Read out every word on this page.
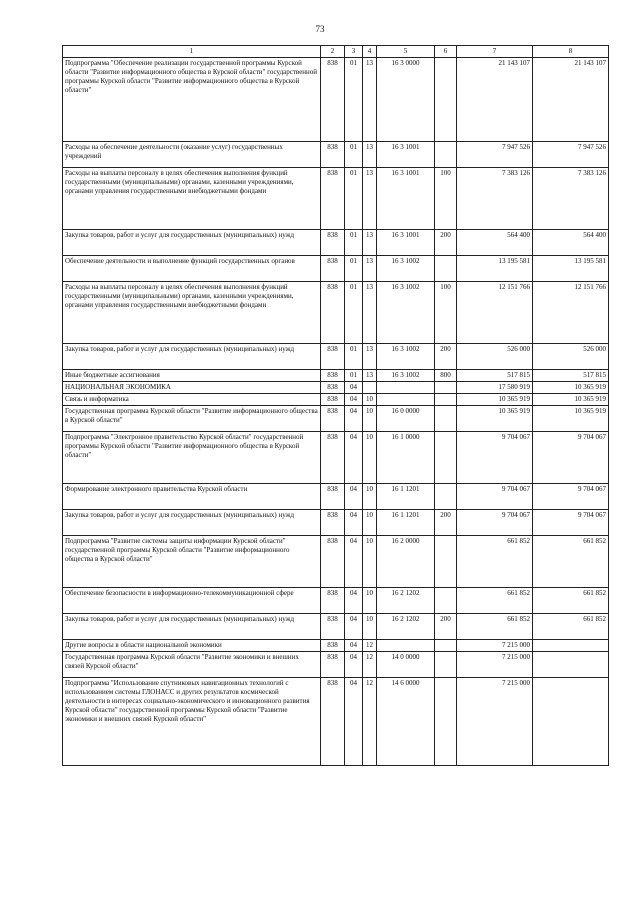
73
1	2	3	4	5	6	7	8
Подпрограмма "Обеспечение реализации государственной программы Курской области "Развитие информационного общества в Курской области" государственной программы Курской области "Развитие информационного общества в Курской области"	838	01	13	16 3 0000		21 143 107	21 143 107
Расходы на обеспечение деятельности (оказание услуг) государственных учреждений	838	01	13	16 3 1001		7 947 526	7 947 526
Расходы на выплаты персоналу в целях обеспечения выполнения функций государственными (муниципальными) органами, казенными учреждениями, органами управления государственными внебюджетными фондами	838	01	13	16 3 1001	100	7 383 126	7 383 126
Закупка товаров, работ и услуг для государственных (муниципальных) нужд	838	01	13	16 3 1001	200	564 400	564 400
Обеспечение деятельности и выполнение функций государственных органов	838	01	13	16 3 1002		13 195 581	13 195 581
Расходы на выплаты персоналу в целях обеспечения выполнения функций государственными (муниципальными) органами, казенными учреждениями, органами управления государственными внебюджетными фондами	838	01	13	16 3 1002	100	12 151 766	12 151 766
Закупка товаров, работ и услуг для государственных (муниципальных) нужд	838	01	13	16 3 1002	200	526 000	526 000
Иные бюджетные ассигнования	838	01	13	16 3 1002	800	517 815	517 815
НАЦИОНАЛЬНАЯ ЭКОНОМИКА	838	04				17 580 919	10 365 919
Связь и информатика	838	04	10			10 365 919	10 365 919
Государственная программа Курской области "Развитие информационного общества в Курской области"	838	04	10	16 0 0000		10 365 919	10 365 919
Подпрограмма "Электронное правительство Курской области" государственной программы Курской области "Развитие информационного общества в Курской области"	838	04	10	16 1 0000		9 704 067	9 704 067
Формирование электронного правительства Курской области	838	04	10	16 1 1201		9 704 067	9 704 067
Закупка товаров, работ и услуг для государственных (муниципальных) нужд	838	04	10	16 1 1201	200	9 704 067	9 704 067
Подпрограмма "Развитие системы защиты информации Курской области" государственной программы Курской области "Развитие информационного общества в Курской области"	838	04	10	16 2 0000		661 852	661 852
Обеспечение безопасности в информационно-телекоммуникационной сфере	838	04	10	16 2 1202		661 852	661 852
Закупка товаров, работ и услуг для государственных (муниципальных) нужд	838	04	10	16 2 1202	200	661 852	661 852
Другие вопросы в области национальной экономики	838	04	12			7 215 000	
Государственная программа Курской области "Развитие экономики и внешних связей Курской области"	838	04	12	14 0 0000		7 215 000	
Подпрограмма "Использование спутниковых навигационных технологий с использованием системы ГЛОНАСС и других результатов космической деятельности в интересах социально-экономического и инновационного развития Курской области" государственной программы Курской области "Развитие экономики и внешних связей Курской области"	838	04	12	14 6 0000		7 215 000	
